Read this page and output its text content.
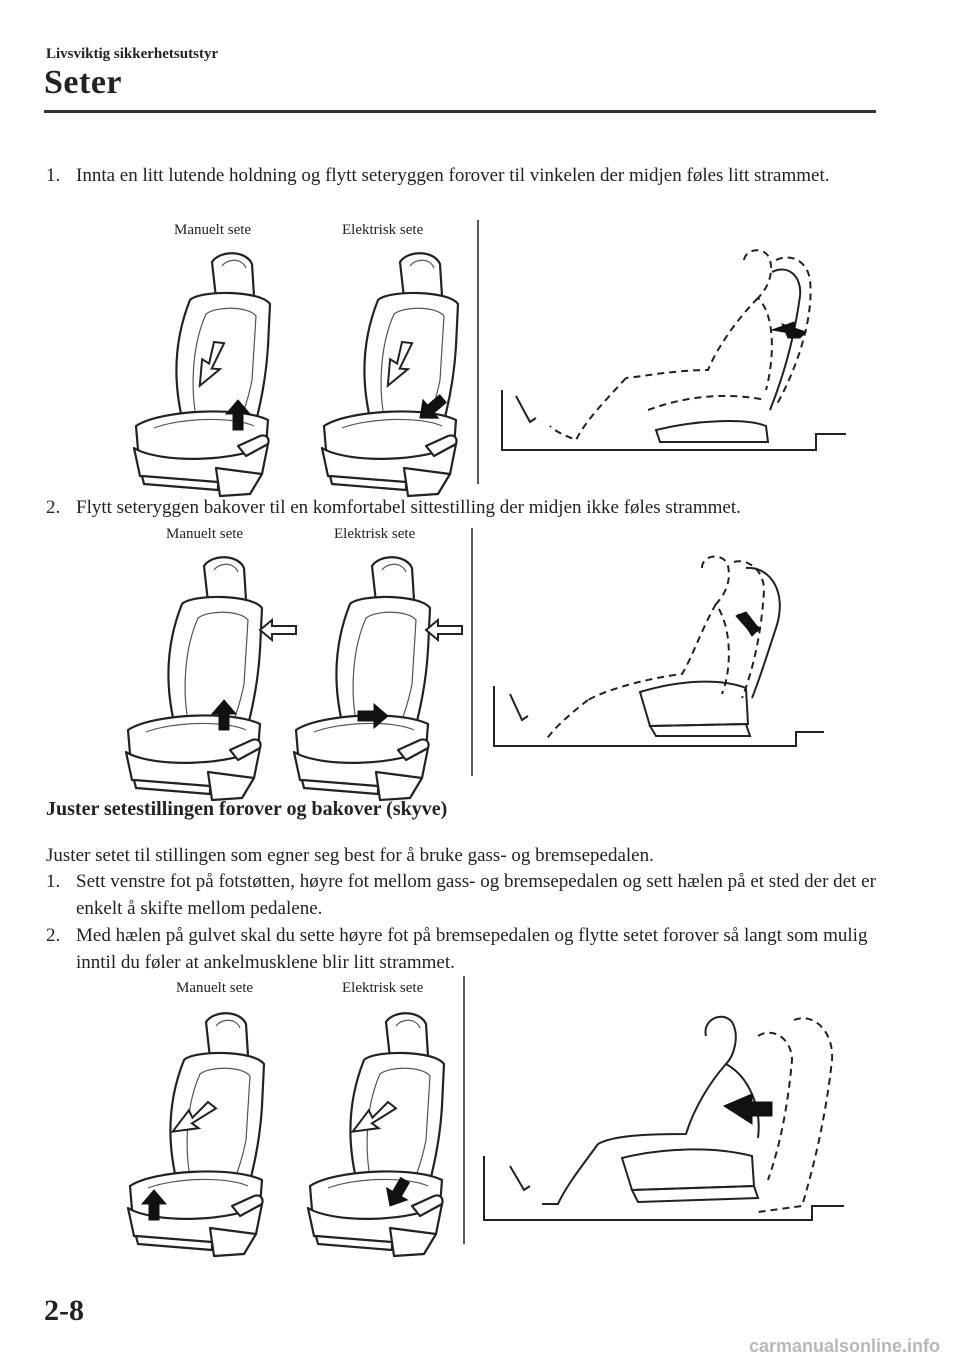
Livsviktig sikkerhetsutstyr
Seter
1. Innta en litt lutende holdning og flytt seteryggen forover til vinkelen der midjen føles litt strammet.
Manuelt sete	Elektrisk sete
2. Flytt seteryggen bakover til en komfortabel sittestilling der midjen ikke føles strammet.
Manuelt sete	Elektrisk sete
Juster setestillingen forover og bakover (skyve)
Juster setet til stillingen som egner seg best for å bruke gass- og bremsepedalen.
1. Sett venstre fot på fotstøtten, høyre fot mellom gass- og bremsepedalen og sett hælen på et sted der det er enkelt å skifte mellom pedalene.
2. Med hælen på gulvet skal du sette høyre fot på bremsepedalen og flytte setet forover så langt som mulig inntil du føler at ankelmusklene blir litt strammet.
Manuelt sete	Elektrisk sete
2-8
carmanualsonline.info
